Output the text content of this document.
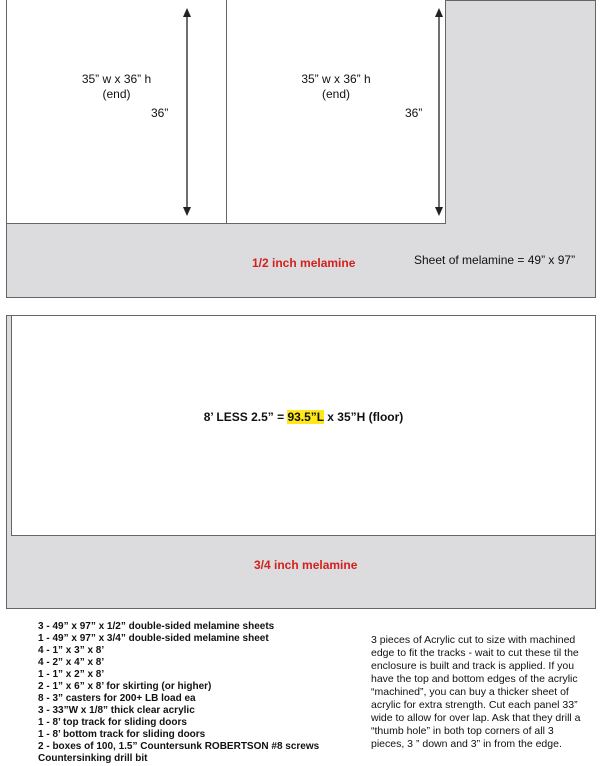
35” w x 36” h
(end)
35” w x 36” h
(end)
36”	36”
1/2 inch melamine	Sheet of melamine = 49” x 97”
8’ LESS 2.5” = 93.5”L x 35”H (floor)
3/4 inch melamine
3 - 49” x 97” x 1/2” double-sided melamine sheets
1 - 49” x 97” x 3/4” double-sided melamine sheet
4 - 1” x 3” x 8’
4 - 2” x 4” x 8’
1 - 1” x 2” x 8’
2 - 1” x 6” x 8’ for skirting (or higher)
8 - 3” casters for 200+ LB load ea
3 - 33”W x 1/8” thick clear acrylic
1 - 8’ top track for sliding doors
1 - 8’ bottom track for sliding doors
2 - boxes of 100, 1.5” Countersunk ROBERTSON #8 screws
Countersinking drill bit
3 pieces of Acrylic cut to size with machined
edge to fit the tracks - wait to cut these til the
enclosure is built and track is applied. If you
have the top and bottom edges of the acrylic
“machined”, you can buy a thicker sheet of
acrylic for extra strength. Cut each panel 33”
wide to allow for over lap. Ask that they drill a
“thumb hole” in both top corners of all 3
pieces, 3 ” down and 3” in from the edge.
